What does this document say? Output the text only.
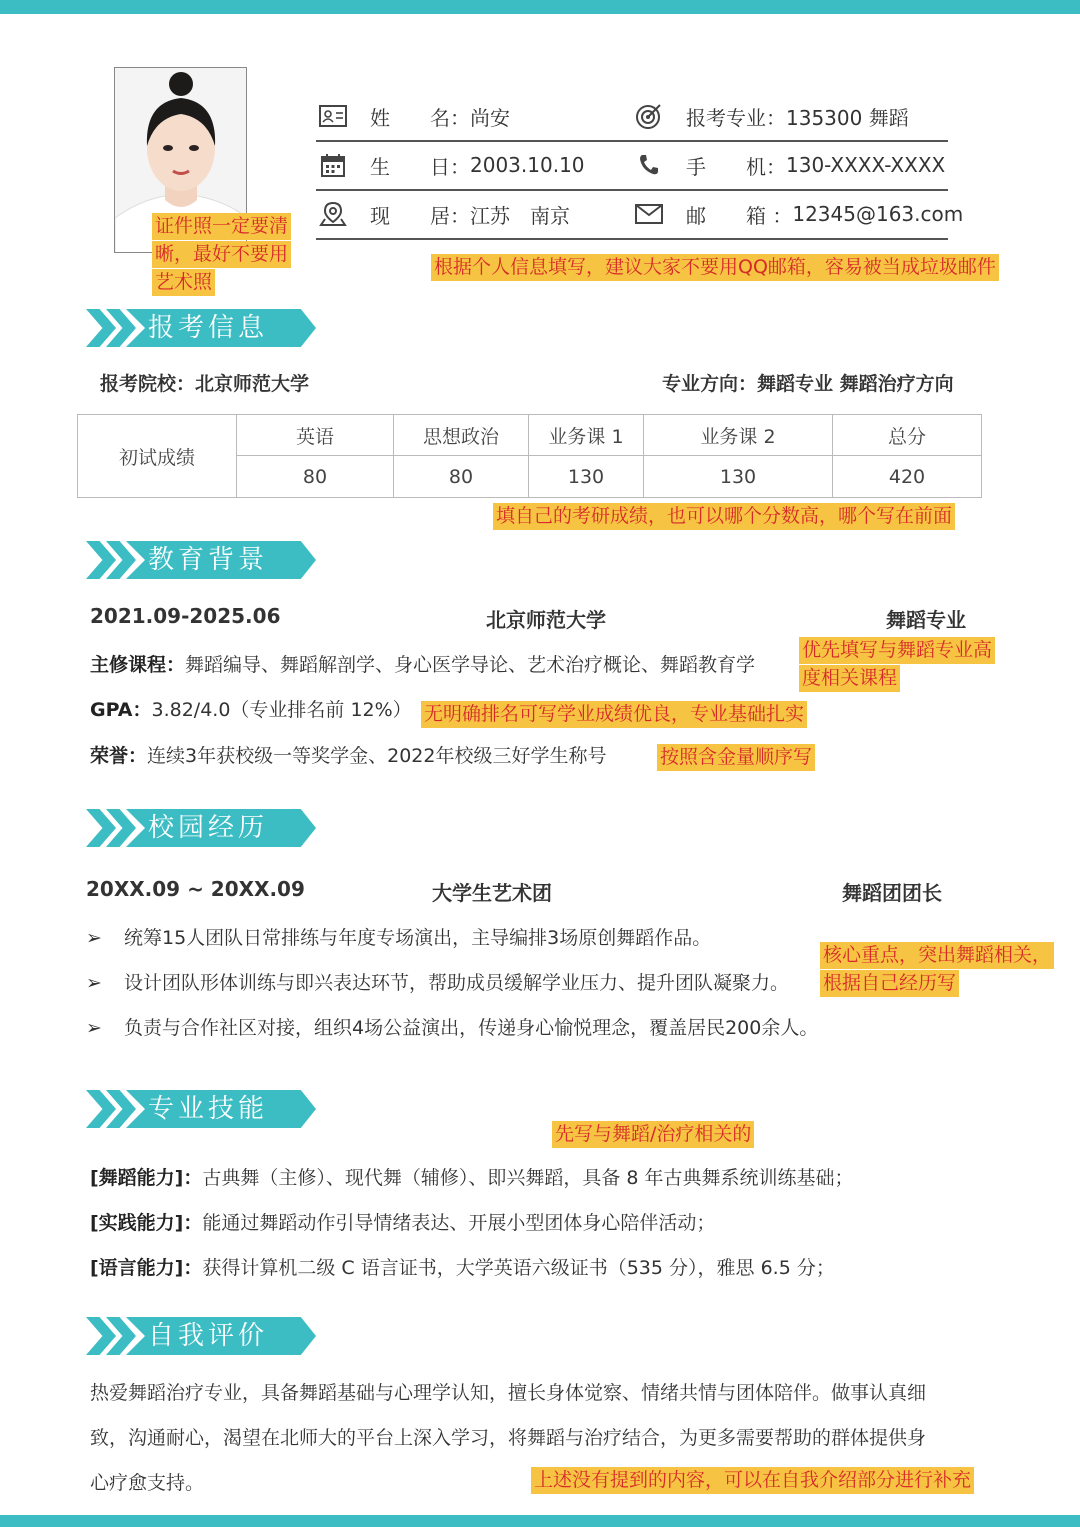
证件照一定要清
晰，最好不要用
艺术照
姓　　名： 尚安	报考专业： 135300 舞蹈
生　　日： 2003.10.10	手　　机： 130-XXXX-XXXX
现　　居： 江苏　南京	邮　　箱 ： 12345@163.com
根据个人信息填写，建议大家不要用QQ邮箱，容易被当成垃圾邮件
报考信息
报考院校：北京师范大学	专业方向：舞蹈专业 舞蹈治疗方向
初试成绩	英语	思想政治	业务课 1	业务课 2	总分
	80	80	130	130	420
填自己的考研成绩，也可以哪个分数高，哪个写在前面
教育背景
2021.09-2025.06	北京师范大学	舞蹈专业
主修课程：舞蹈编导、舞蹈解剖学、身心医学导论、艺术治疗概论、舞蹈教育学
优先填写与舞蹈专业高
度相关课程
GPA：3.82/4.0（专业排名前 12%） 无明确排名可写学业成绩优良，专业基础扎实
荣誉：连续3年获校级一等奖学金、2022年校级三好学生称号	按照含金量顺序写
校园经历
20XX.09 ~ 20XX.09	大学生艺术团	舞蹈团团长
➢ 统筹15人团队日常排练与年度专场演出，主导编排3场原创舞蹈作品。
➢ 设计团队形体训练与即兴表达环节，帮助成员缓解学业压力、提升团队凝聚力。
➢ 负责与合作社区对接，组织4场公益演出，传递身心愉悦理念，覆盖居民200余人。
核心重点，突出舞蹈相关，
根据自己经历写
专业技能
先写与舞蹈/治疗相关的
[舞蹈能力]：古典舞（主修）、现代舞（辅修）、即兴舞蹈，具备 8 年古典舞系统训练基础；
[实践能力]：能通过舞蹈动作引导情绪表达、开展小型团体身心陪伴活动；
[语言能力]：获得计算机二级 C 语言证书，大学英语六级证书（535 分），雅思 6.5 分；
自我评价
热爱舞蹈治疗专业，具备舞蹈基础与心理学认知，擅长身体觉察、情绪共情与团体陪伴。做事认真细
致，沟通耐心，渴望在北师大的平台上深入学习，将舞蹈与治疗结合，为更多需要帮助的群体提供身
心疗愈支持。	上述没有提到的内容，可以在自我介绍部分进行补充
